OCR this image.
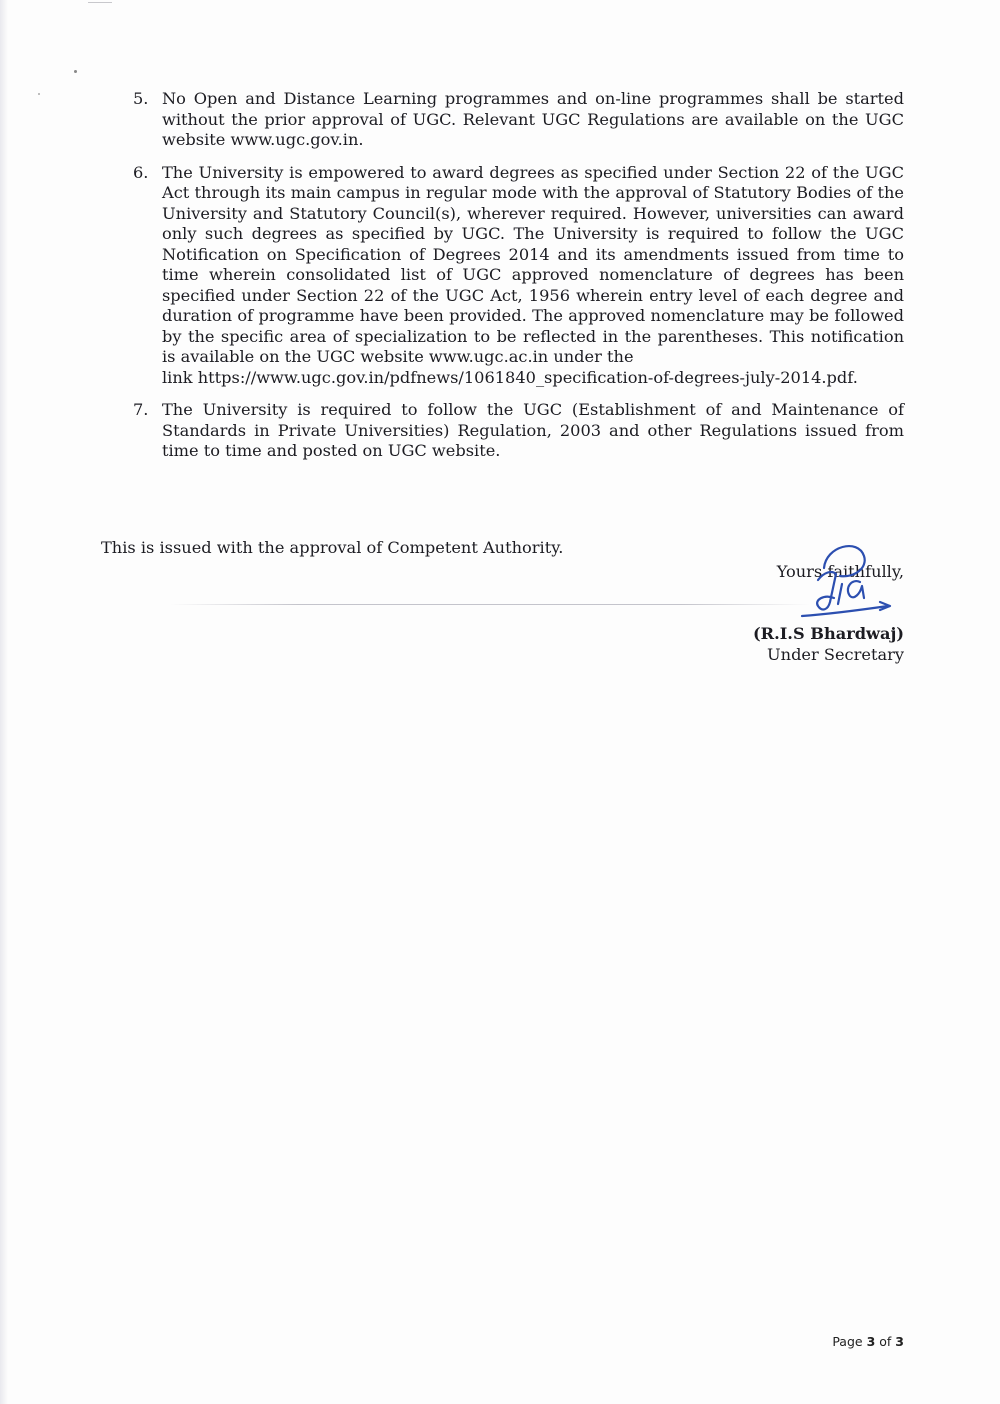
5. No Open and Distance Learning programmes and on-line programmes shall be started without the prior approval of UGC. Relevant UGC Regulations are available on the UGC website www.ugc.gov.in.
6. The University is empowered to award degrees as specified under Section 22 of the UGC Act through its main campus in regular mode with the approval of Statutory Bodies of the University and Statutory Council(s), wherever required. However, universities can award only such degrees as specified by UGC. The University is required to follow the UGC Notification on Specification of Degrees 2014 and its amendments issued from time to time wherein consolidated list of UGC approved nomenclature of degrees has been specified under Section 22 of the UGC Act, 1956 wherein entry level of each degree and duration of programme have been provided. The approved nomenclature may be followed by the specific area of specialization to be reflected in the parentheses. This notification is available on the UGC website www.ugc.ac.in under the
link https://www.ugc.gov.in/pdfnews/1061840_specification-of-degrees-july-2014.pdf.
7. The University is required to follow the UGC (Establishment of and Maintenance of Standards in Private Universities) Regulation, 2003 and other Regulations issued from time to time and posted on UGC website.
This is issued with the approval of Competent Authority.
Yours faithfully,
(R.I.S Bhardwaj)
Under Secretary
Page 3 of 3
